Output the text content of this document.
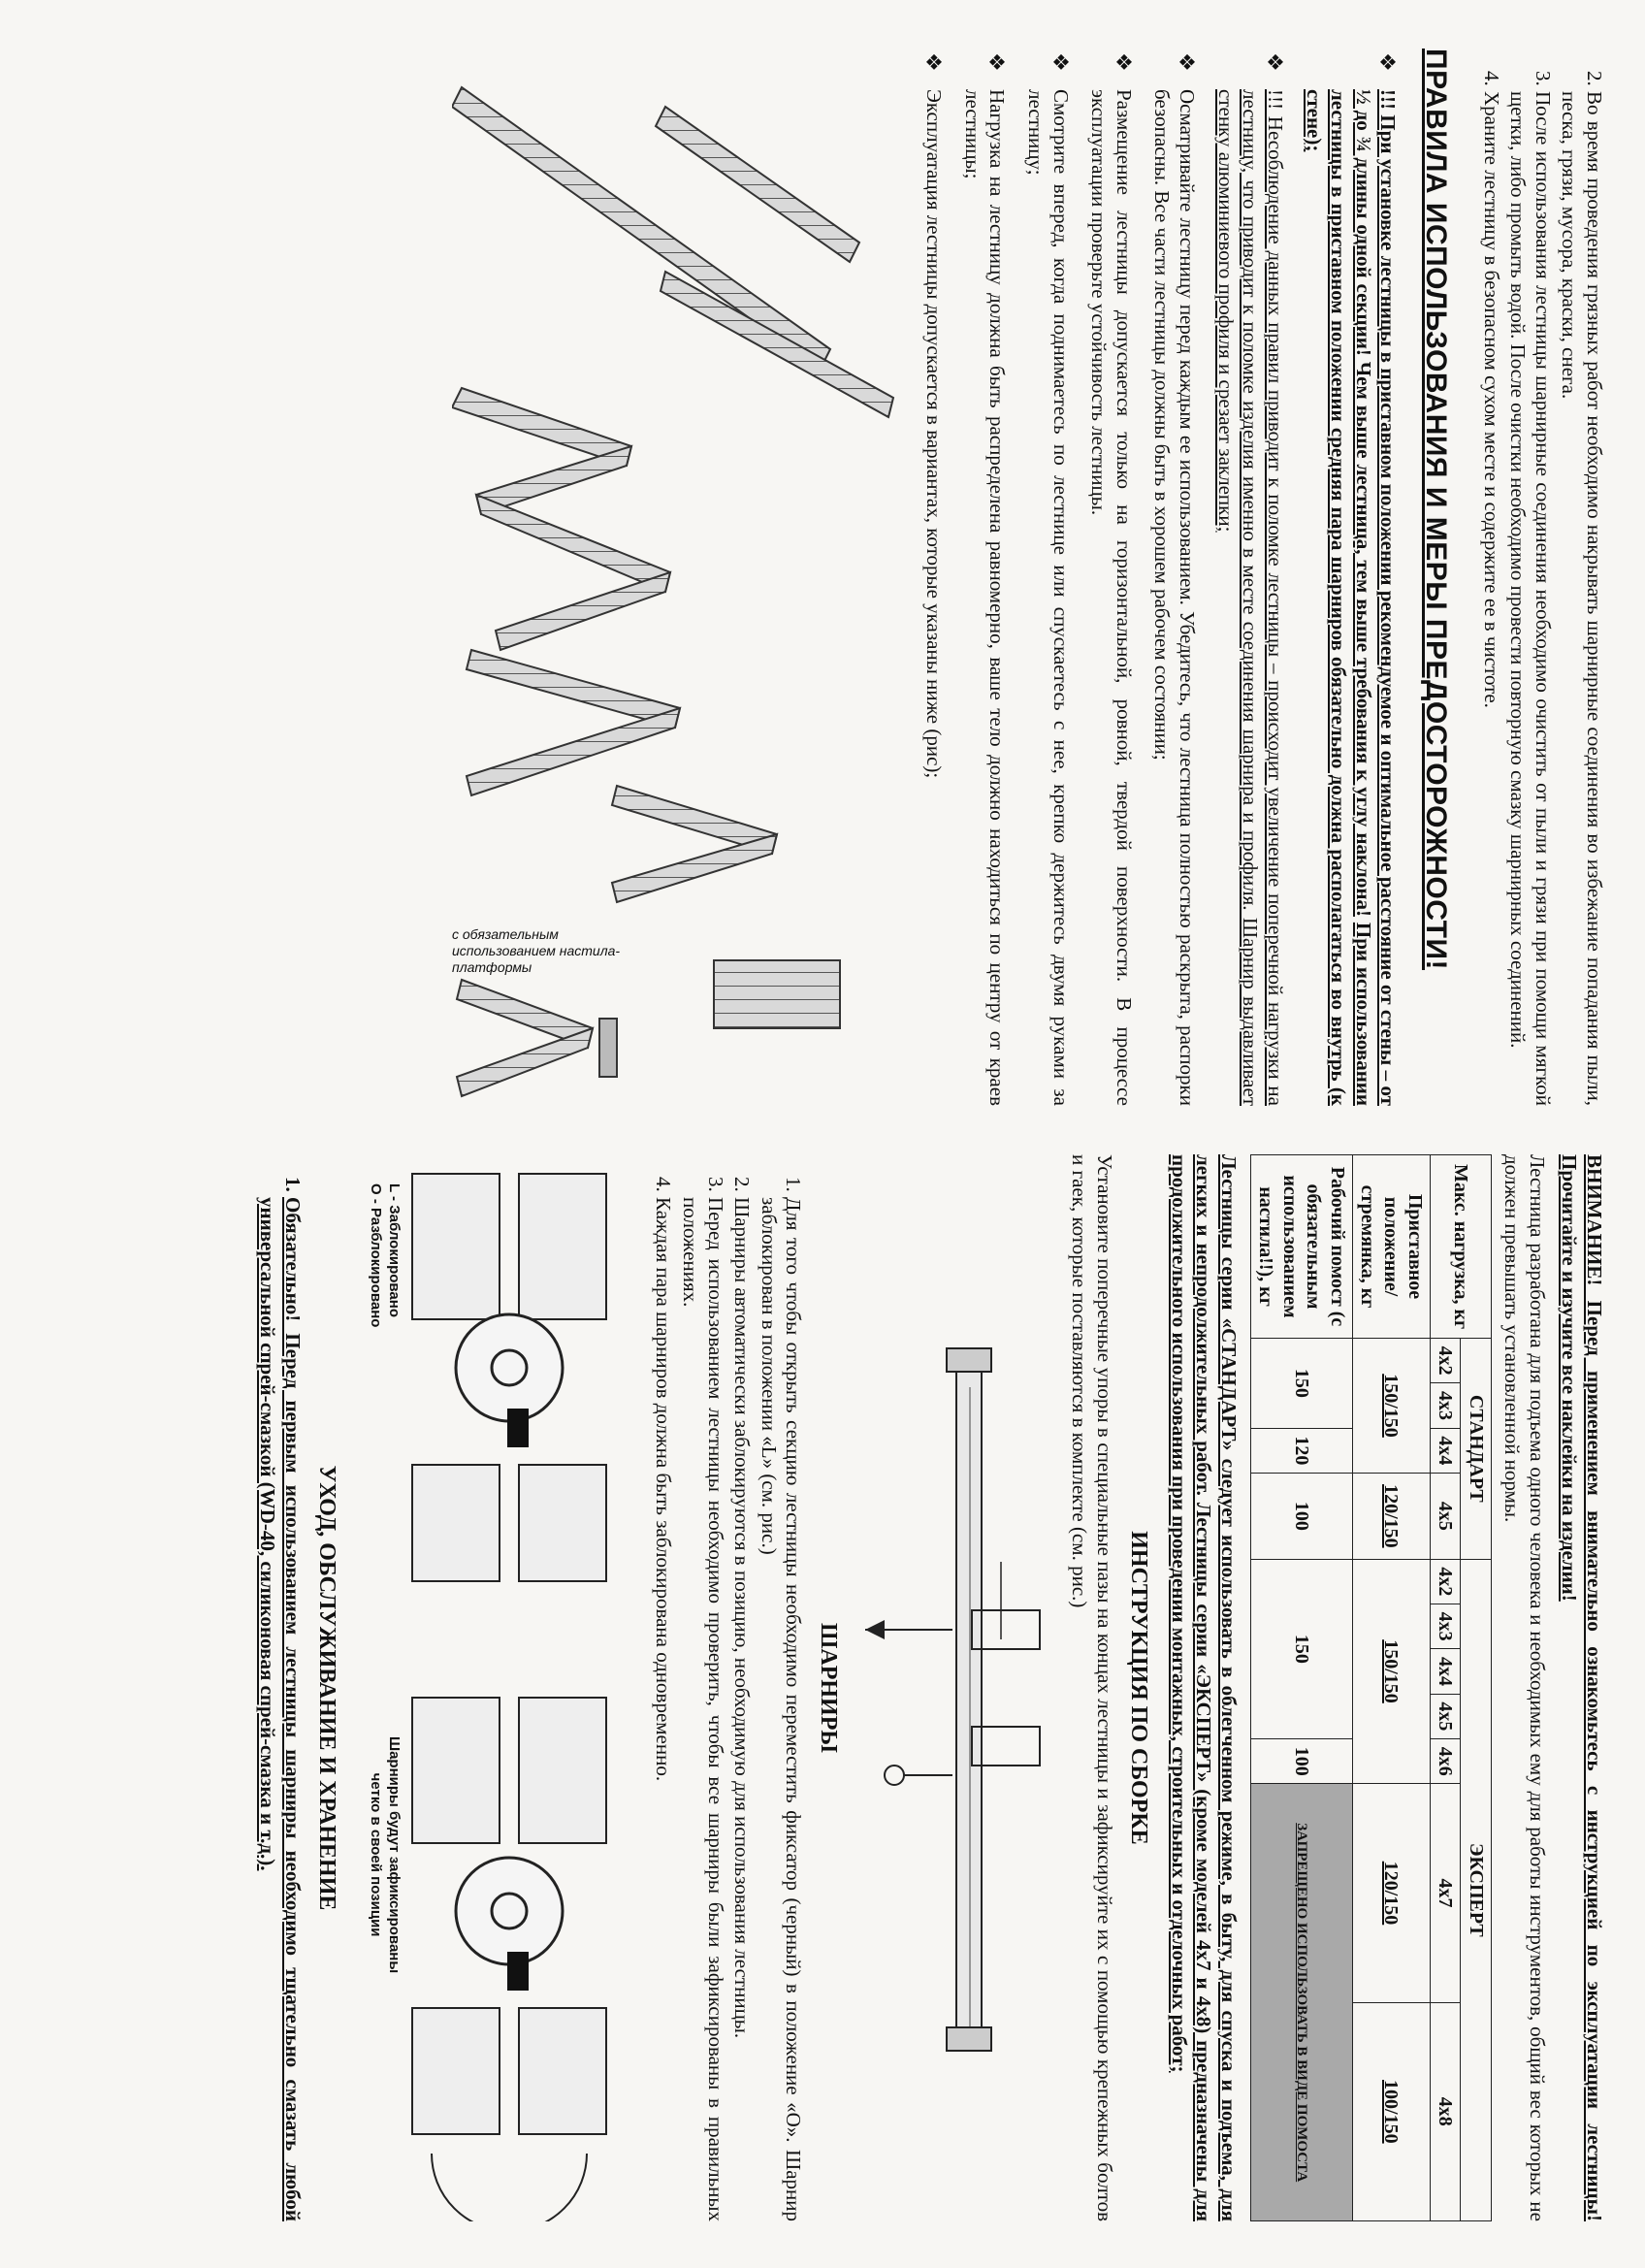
2. Во время проведения грязных работ необходимо накрывать шарнирные соединения во избежание попадания пыли, песка, грязи, мусора, краски, снега.
3. После использования лестницы шарнирные соединения необходимо очистить от пыли и грязи при помощи мягкой щетки, либо промыть водой. После очистки необходимо провести повторную смазку шарнирных соединений.
4. Храните лестницу в безопасном сухом месте и содержите ее в чистоте.
ПРАВИЛА ИСПОЛЬЗОВАНИЯ И МЕРЫ ПРЕДОСТОРОЖНОСТИ!
❖
!!! При установке лестницы в приставном положении рекомендуемое и оптимальное расстояние от стены – от ½ до ¾ длины одной секции! Чем выше лестница, тем выше требования к углу наклона! При использовании лестницы в приставном положении средняя пара шарниров обязательно должна располагаться во внутрь (к стене);
❖
!!! Несоблюдение данных правил приводит к поломке лестницы – происходит увеличение поперечной нагрузки на лестницу, что приводит к поломке изделия именно в месте соединения шарнира и профиля. Шарнир выдавливает стенку алюминиевого профиля и срезает заклепки;
❖
Осматривайте лестницу перед каждым ее использованием. Убедитесь, что лестница полностью раскрыта, распорки безопасны. Все части лестницы должны быть в хорошем рабочем состоянии;
❖
Размещение лестницы допускается только на горизонтальной, ровной, твердой поверхности. В процессе эксплуатации проверьте устойчивость лестницы.
❖
Смотрите вперед, когда поднимаетесь по лестнице или спускаетесь с нее, крепко держитесь двумя руками за лестницу;
❖
Нагрузка на лестницу должна быть распределена равномерно, ваше тело должно находиться по центру от краев лестницы;
❖
Эксплуатация лестницы допускается в вариантах, которые указаны ниже (рис);
с обязательным использованием настила-платформы
ВНИМАНИЕ! Перед применением внимательно ознакомьтесь с инструкцией по эксплуатации лестницы! Прочитайте и изучите все наклейки на изделии!
Лестница разработана для подъема одного человека и необходимых ему для работы инструментов, общий вес которых не должен превышать установленной нормы.
Макс. нагрузка, кг	СТАНДАРТ				ЭКСПЕРТ						
	4x2	4x3	4x4	4x5	4x2	4x3	4x4	4x5	4x6	4x7	4x8
Приставное положение/ стремянка, кг	150/150			120/150	150/150					120/150	100/150
Рабочий помост (с обязательным использованием настила!!), кг	150		120	100	150				100	ЗАПРЕЩЕНО ИСПОЛЬЗОВАТЬ В ВИДЕ ПОМОСТА	
Лестницы серии «СТАНДАРТ» следует использовать в облегченном режиме, в быту, для спуска и подъема, для легких и непродолжительных работ. Лестницы серии «ЭКСПЕРТ» (кроме моделей 4x7 и 4x8) предназначены для продолжительного использования при проведении монтажных, строительных и отделочных работ;
ИНСТРУКЦИЯ ПО СБОРКЕ
Установите поперечные упоры в специальные пазы на концах лестницы и зафиксируйте их с помощью крепежных болтов и гаек, которые поставляются в комплекте (см. рис.)
ШАРНИРЫ
1. Для того чтобы открыть секцию лестницы необходимо переместить фиксатор (черный) в положение «О». Шарнир заблокирован в положении «L» (см. рис.)
2. Шарниры автоматически заблокируются в позицию, необходимую для использования лестницы.
3. Перед использованием лестницы необходимо проверить, чтобы все шарниры были зафиксированы в правильных положениях.
4. Каждая пара шарниров должна быть заблокирована одновременно.
L - Заблокировано
О - Разблокировано
Шарниры будут зафиксированы
четко в своей позиции
УХОД, ОБСЛУЖИВАНИЕ И ХРАНЕНИЕ
1. Обязательно! Перед первым использованием лестницы шарниры необходимо тщательно смазать любой универсальной спрей-смазкой (WD-40, силиконовая спрей-смазка и т.д.).
